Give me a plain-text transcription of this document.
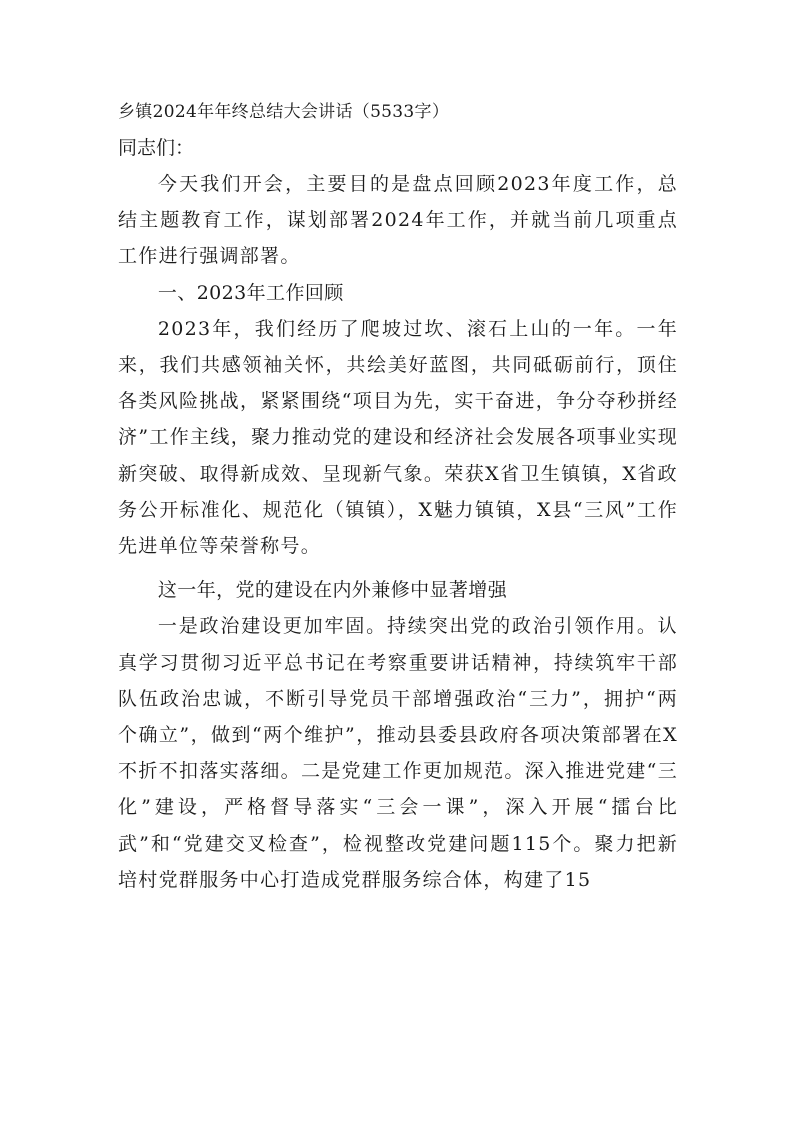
乡镇2024年年终总结大会讲话（5533字）

同志们：

今天我们开会，主要目的是盘点回顾2023年度工作，总结主题教育工作，谋划部署2024年工作，并就当前几项重点工作进行强调部署。

一、2023年工作回顾

2023年，我们经历了爬坡过坎、滚石上山的一年。一年来，我们共感领袖关怀，共绘美好蓝图，共同砥砺前行，顶住各类风险挑战，紧紧围绕“项目为先，实干奋进，争分夺秒拼经济”工作主线，聚力推动党的建设和经济社会发展各项事业实现新突破、取得新成效、呈现新气象。荣获X省卫生镇镇，X省政务公开标准化、规范化（镇镇），X魅力镇镇，X县“三风”工作先进单位等荣誉称号。

这一年，党的建设在内外兼修中显著增强

一是政治建设更加牢固。持续突出党的政治引领作用。认真学习贯彻习近平总书记在考察重要讲话精神，持续筑牢干部队伍政治忠诚，不断引导党员干部增强政治“三力”，拥护“两个确立”，做到“两个维护”，推动县委县政府各项决策部署在X不折不扣落实落细。二是党建工作更加规范。深入推进党建“三化”建设，严格督导落实“三会一课”，深入开展“擂台比武”和“党建交叉检查”，检视整改党建问题115个。聚力把新培村党群服务中心打造成党群服务综合体，构建了15
